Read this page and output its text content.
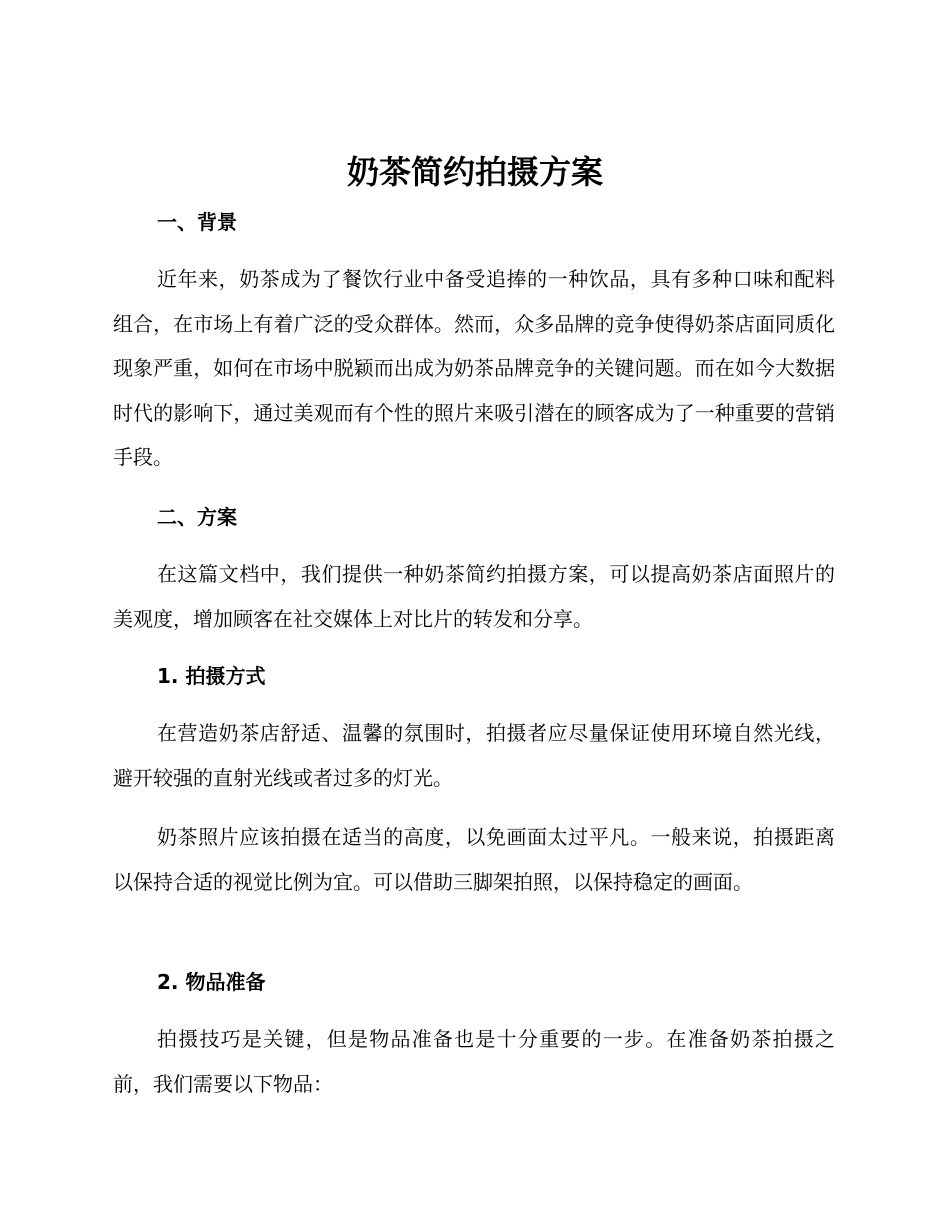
奶茶简约拍摄方案
一、背景

近年来，奶茶成为了餐饮行业中备受追捧的一种饮品，具有多种口味和配料组合，在市场上有着广泛的受众群体。然而，众多品牌的竞争使得奶茶店面同质化现象严重，如何在市场中脱颖而出成为奶茶品牌竞争的关键问题。而在如今大数据时代的影响下，通过美观而有个性的照片来吸引潜在的顾客成为了一种重要的营销手段。

二、方案

在这篇文档中，我们提供一种奶茶简约拍摄方案，可以提高奶茶店面照片的美观度，增加顾客在社交媒体上对比片的转发和分享。

1. 拍摄方式

在营造奶茶店舒适、温馨的氛围时，拍摄者应尽量保证使用环境自然光线，避开较强的直射光线或者过多的灯光。

奶茶照片应该拍摄在适当的高度，以免画面太过平凡。一般来说，拍摄距离以保持合适的视觉比例为宜。可以借助三脚架拍照，以保持稳定的画面。

2. 物品准备

拍摄技巧是关键，但是物品准备也是十分重要的一步。在准备奶茶拍摄之前，我们需要以下物品：
